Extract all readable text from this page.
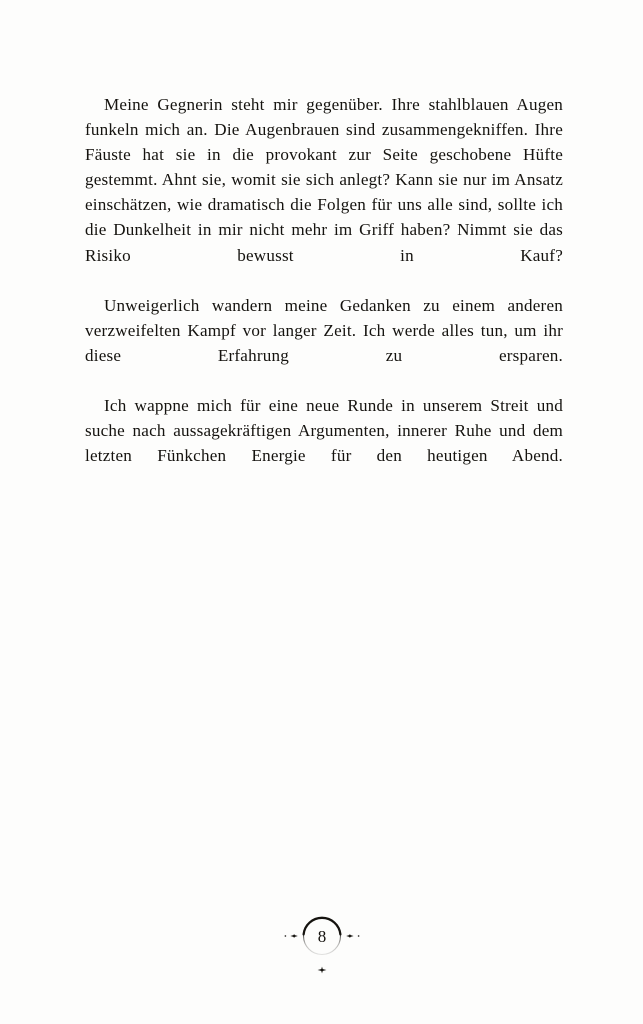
Meine Gegnerin steht mir gegenüber. Ihre stahlblauen Augen funkeln mich an. Die Augenbrauen sind zusammengekniffen. Ihre Fäuste hat sie in die provokant zur Seite geschobene Hüfte gestemmt. Ahnt sie, womit sie sich anlegt? Kann sie nur im Ansatz einschätzen, wie dramatisch die Folgen für uns alle sind, sollte ich die Dunkelheit in mir nicht mehr im Griff haben? Nimmt sie das Risiko bewusst in Kauf?

Unweigerlich wandern meine Gedanken zu einem anderen verzweifelten Kampf vor langer Zeit. Ich werde alles tun, um ihr diese Erfahrung zu ersparen.

Ich wappne mich für eine neue Runde in unserem Streit und suche nach aussagekräftigen Argumenten, innerer Ruhe und dem letzten Fünkchen Energie für den heutigen Abend.

8
